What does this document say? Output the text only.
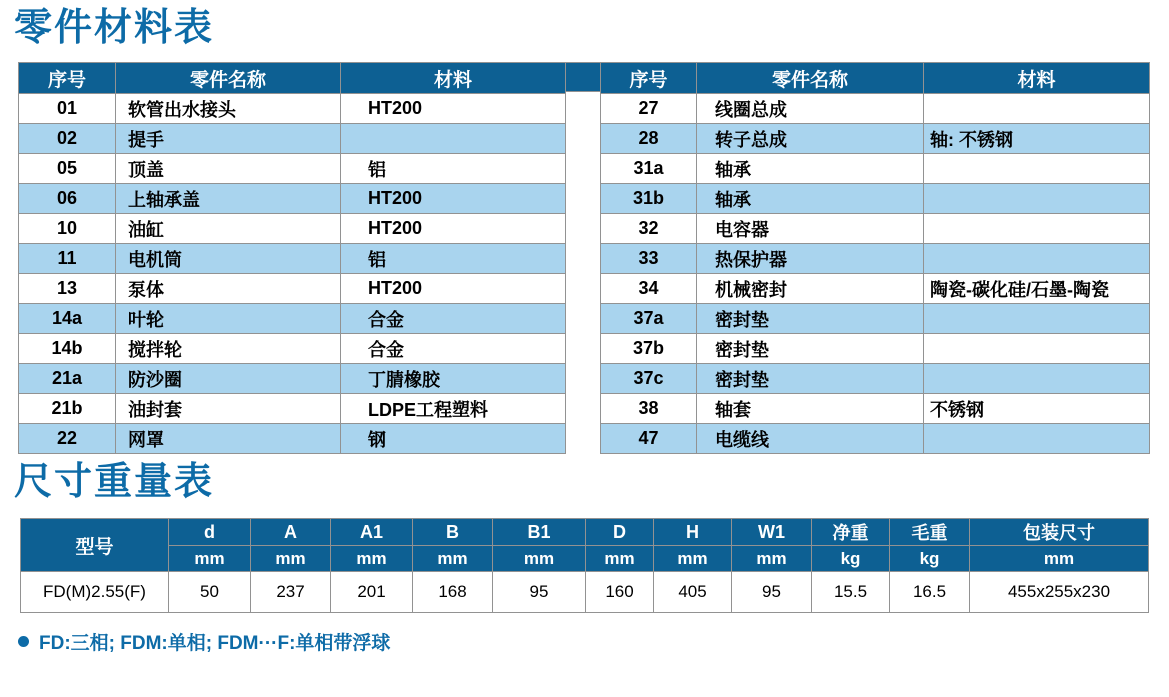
零件材料表
序号	零件名称	材料
01	软管出水接头	HT200
02	提手	
05	顶盖	铝
06	上轴承盖	HT200
10	油缸	HT200
11	电机筒	铝
13	泵体	HT200
14a	叶轮	合金
14b	搅拌轮	合金
21a	防沙圈	丁腈橡胶
21b	油封套	LDPE工程塑料
22	网罩	钢
序号	零件名称	材料
27	线圈总成	
28	转子总成	轴: 不锈钢
31a	轴承	
31b	轴承	
32	电容器	
33	热保护器	
34	机械密封	陶瓷-碳化硅/石墨-陶瓷
37a	密封垫	
37b	密封垫	
37c	密封垫	
38	轴套	不锈钢
47	电缆线	
尺寸重量表
型号	d	A	A1	B	B1	D	H	W1	净重	毛重	包装尺寸
	mm	mm	mm	mm	mm	mm	mm	mm	kg	kg	mm
FD(M)2.55(F)	50	237	201	168	95	160	405	95	15.5	16.5	455x255x230
FD:三相; FDM:单相; FDM···F:单相带浮球
